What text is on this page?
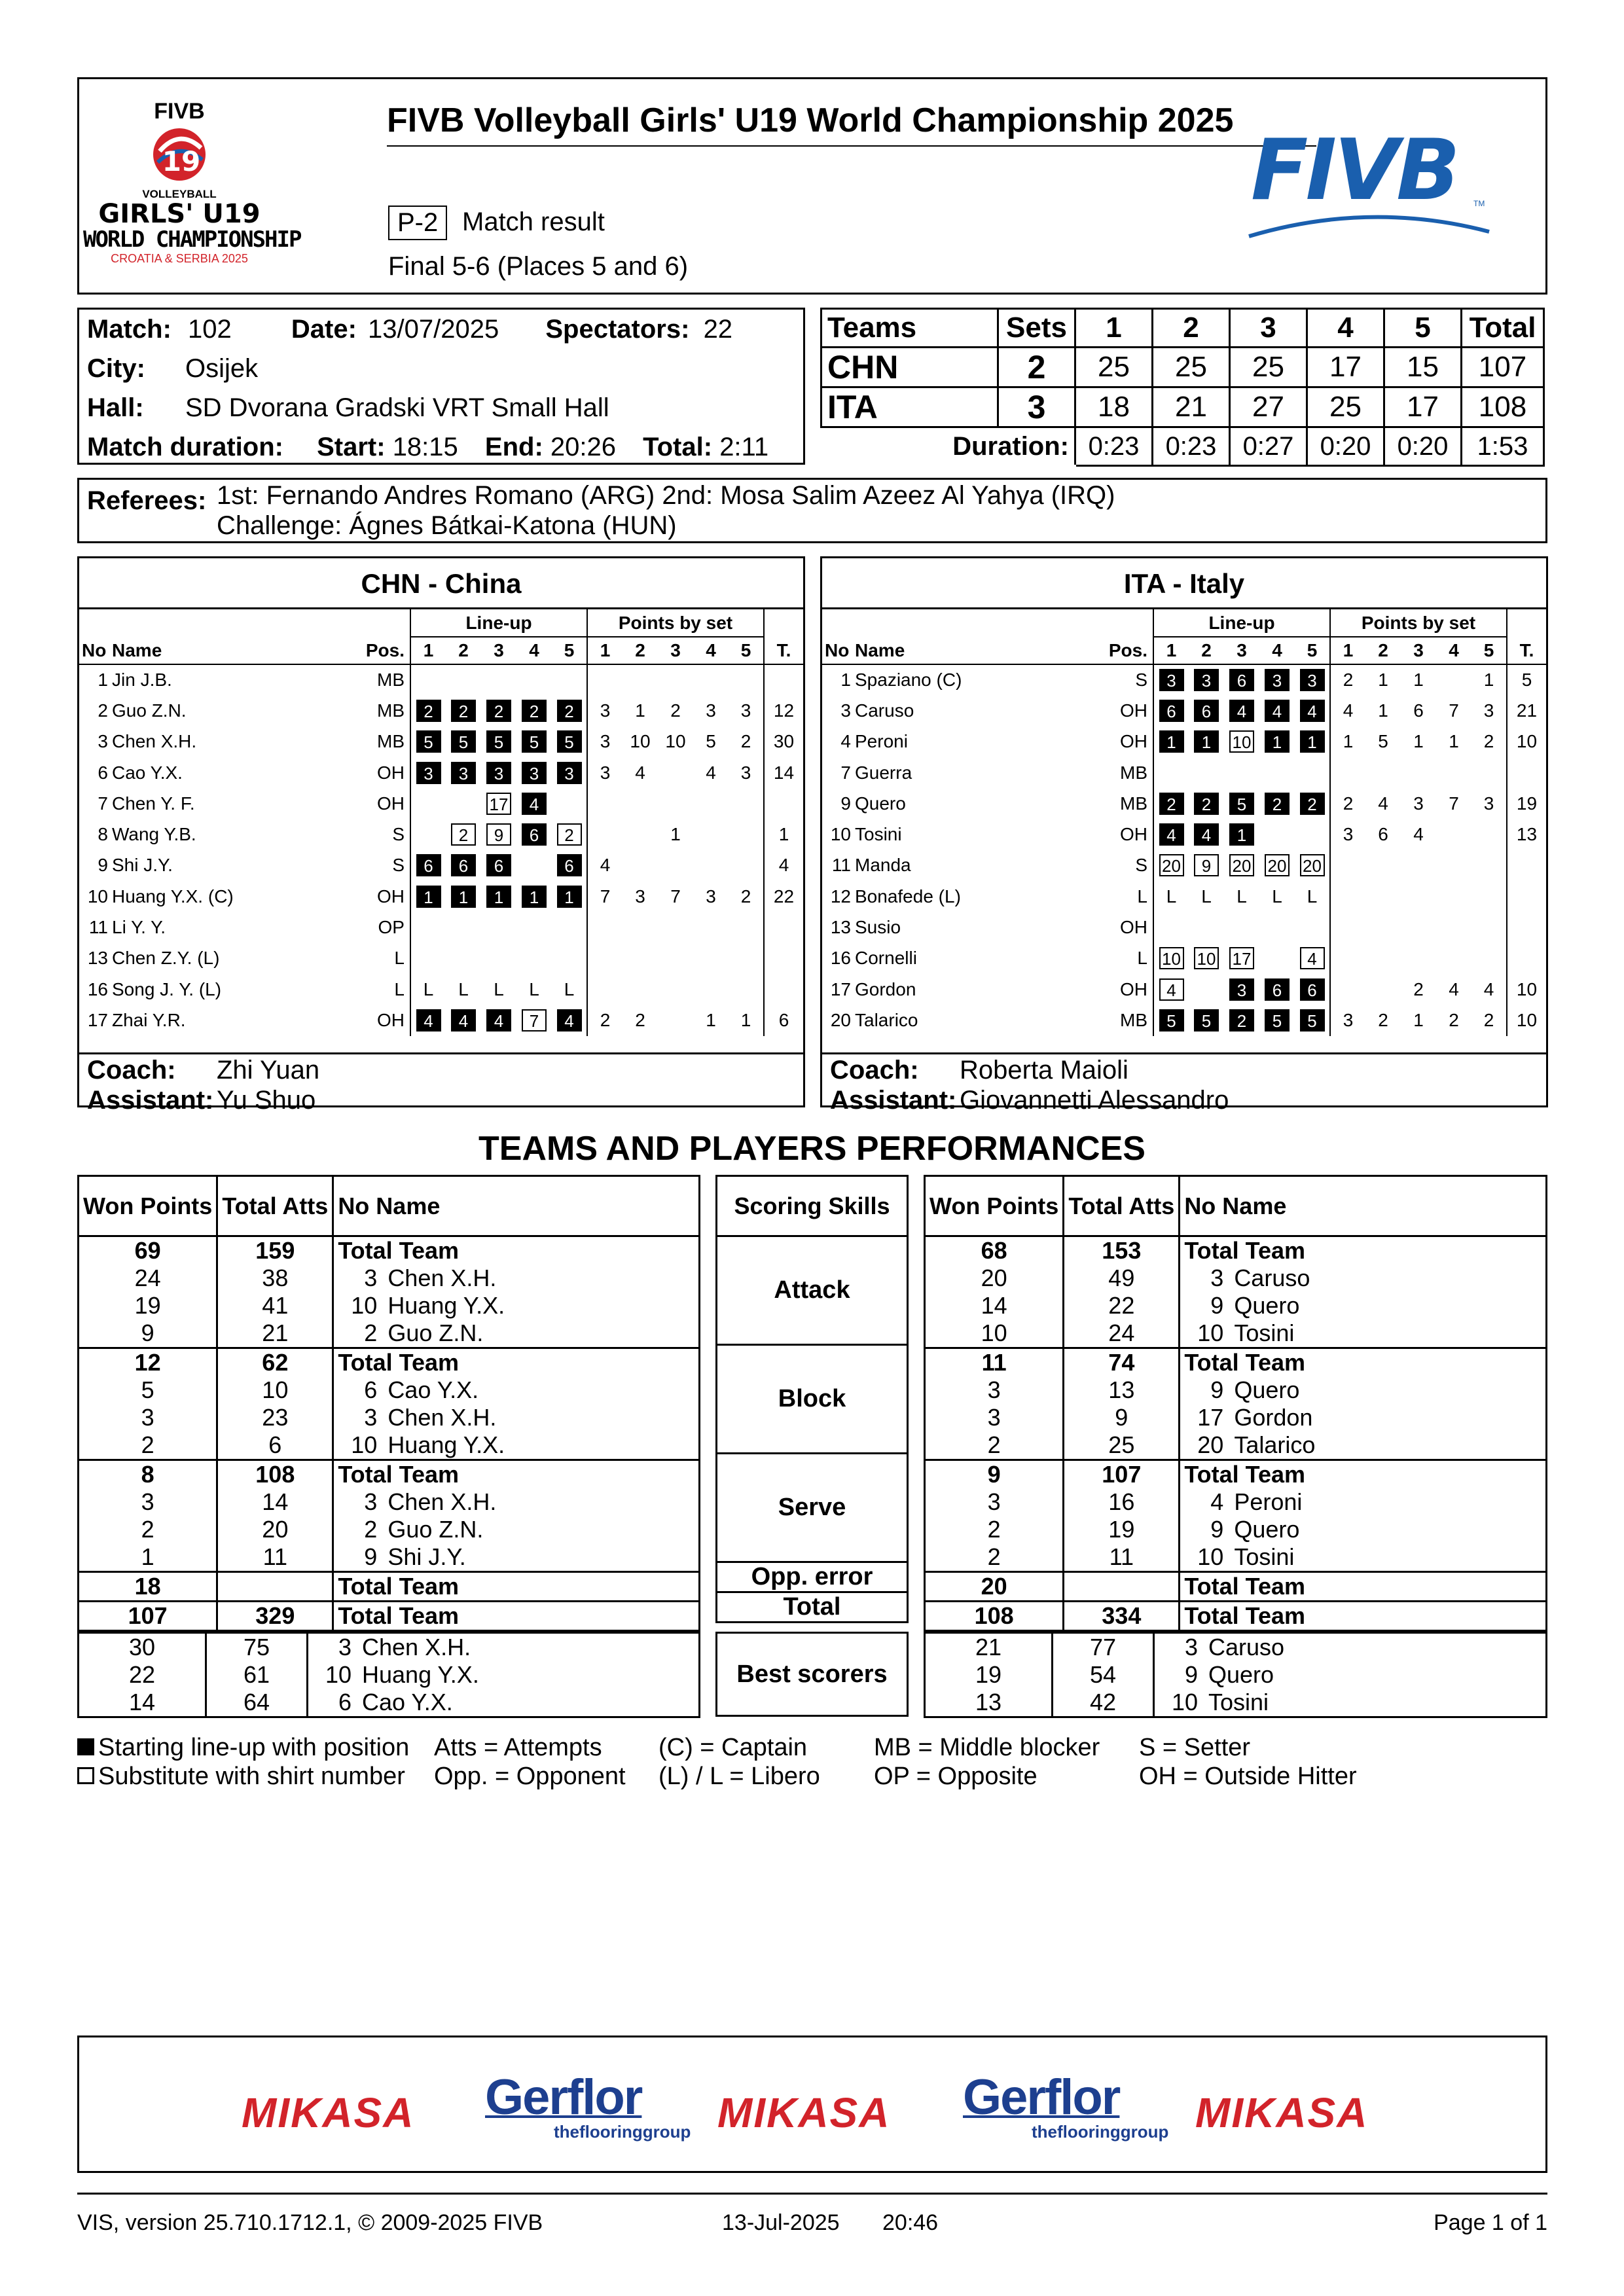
FIVB
19
VOLLEYBALL
GIRLS' U19
WORLD CHAMPIONSHIP
CROATIA & SERBIA 2025
FIVB Volleyball Girls' U19 World Championship 2025
P-2 Match result
Final 5-6 (Places 5 and 6)
FIVB	TM
Match: 102 Date: 13/07/2025 Spectators: 22
City: Osijek
Hall: SD Dvorana Gradski VRT Small Hall
Match duration: Start: 18:15 End: 20:26 Total: 2:11
Teams	Sets	1	2	3	4	5	Total
CHN	2	25	25	25	17	15	107
ITA	3	18	21	27	25	17	108
Duration:		0:23	0:23	0:27	0:20	0:20	1:53
Referees: 1st: Fernando Andres Romano (ARG) 2nd: Mosa Salim Azeez Al Yahya (IRQ)
Challenge: Ágnes Bátkai-Katona (HUN)
CHN - China
			Line-up					Points by set					
No	Name	Pos.	1	2	3	4	5	1	2	3	4	5	T.
1	Jin J.B.	MB											
2	Guo Z.N.	MB	2	2	2	2	2	3	1	2	3	3	12
3	Chen X.H.	MB	5	5	5	5	5	3	10	10	5	2	30
6	Cao Y.X.	OH	3	3	3	3	3	3	4		4	3	14
7	Chen Y. F.	OH			17	4							
8	Wang Y.B.	S		2	9	6	2			1			1
9	Shi J.Y.	S	6	6	6		6	4					4
10	Huang Y.X. (C)	OH	1	1	1	1	1	7	3	7	3	2	22
11	Li Y. Y.	OP											
13	Chen Z.Y. (L)	L											
16	Song J. Y. (L)	L	L	L	L	L	L						
17	Zhai Y.R.	OH	4	4	4	7	4	2	2		1	1	6
Coach: Zhi Yuan
Assistant: Yu Shuo
ITA - Italy
			Line-up					Points by set					
No	Name	Pos.	1	2	3	4	5	1	2	3	4	5	T.
1	Spaziano (C)	S	3	3	6	3	3	2	1	1		1	5
3	Caruso	OH	6	6	4	4	4	4	1	6	7	3	21
4	Peroni	OH	1	1	10	1	1	1	5	1	1	2	10
7	Guerra	MB											
9	Quero	MB	2	2	5	2	2	2	4	3	7	3	19
10	Tosini	OH	4	4	1			3	6	4			13
11	Manda	S	20	9	20	20	20						
12	Bonafede (L)	L	L	L	L	L	L						
13	Susio	OH											
16	Cornelli	L	10	10	17		4						
17	Gordon	OH	4		3	6	6			2	4	4	10
20	Talarico	MB	5	5	2	5	5	3	2	1	2	2	10
Coach: Roberta Maioli
Assistant: Giovannetti Alessandro
TEAMS AND PLAYERS PERFORMANCES
Won Points	Total Atts	No Name
69	159	Total Team
24	38	3 Chen X.H.
19	41	10 Huang Y.X.
9	21	2 Guo Z.N.
12	62	Total Team
5	10	6 Cao Y.X.
3	23	3 Chen X.H.
2	6	10 Huang Y.X.
8	108	Total Team
3	14	3 Chen X.H.
2	20	2 Guo Z.N.
1	11	9 Shi J.Y.
18		Total Team
107	329	Total Team
Scoring Skills
Attack
Block
Serve
Opp. error
Total
Won Points	Total Atts	No Name
68	153	Total Team
20	49	3 Caruso
14	22	9 Quero
10	24	10 Tosini
11	74	Total Team
3	13	9 Quero
3	9	17 Gordon
2	25	20 Talarico
9	107	Total Team
3	16	4 Peroni
2	19	9 Quero
2	11	10 Tosini
20		Total Team
108	334	Total Team
30	75	3 Chen X.H.
22	61	10 Huang Y.X.
14	64	6 Cao Y.X.
Best scorers
21	77	3 Caruso
19	54	9 Quero
13	42	10 Tosini
Starting line-up with position
Substitute with shirt number
Atts = Attempts
Opp. = Opponent
(C) = Captain
(L) / L = Libero
MB = Middle blocker
OP = Opposite
S = Setter
OH = Outside Hitter
MIKASA Gerflor
theflooringgroup MIKASA Gerflor
theflooringgroup MIKASA
VIS, version 25.710.1712.1, © 2009-2025 FIVB	13-Jul-2025 20:46	Page 1 of 1
